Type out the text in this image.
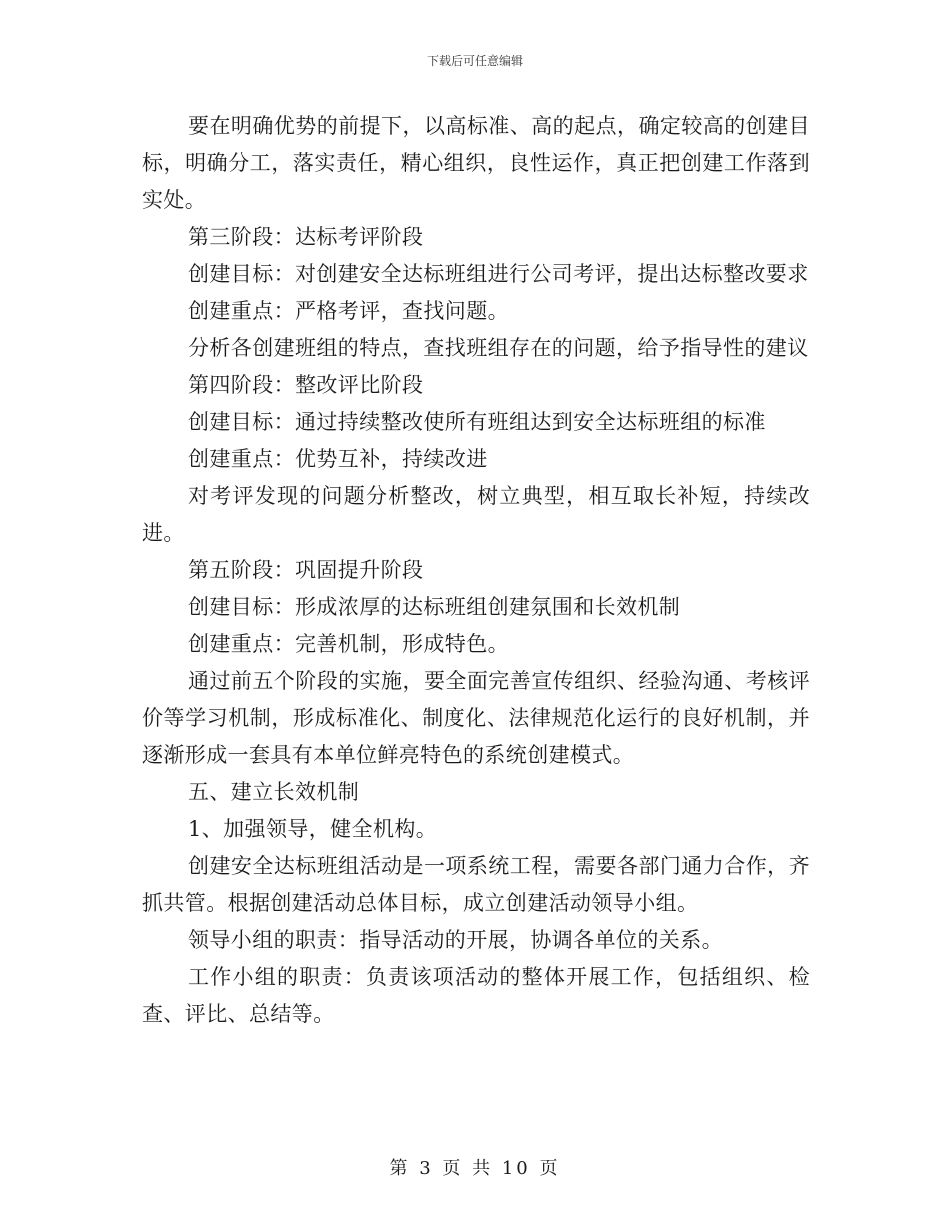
下载后可任意编辑

要在明确优势的前提下，以高标准、高的起点，确定较高的创建目标，明确分工，落实责任，精心组织，良性运作，真正把创建工作落到实处。

第三阶段：达标考评阶段

创建目标：对创建安全达标班组进行公司考评，提出达标整改要求

创建重点：严格考评，查找问题。

分析各创建班组的特点，查找班组存在的问题，给予指导性的建议

第四阶段：整改评比阶段

创建目标：通过持续整改使所有班组达到安全达标班组的标准

创建重点：优势互补，持续改进

对考评发现的问题分析整改，树立典型，相互取长补短，持续改进。

第五阶段：巩固提升阶段

创建目标：形成浓厚的达标班组创建氛围和长效机制

创建重点：完善机制，形成特色。

通过前五个阶段的实施，要全面完善宣传组织、经验沟通、考核评价等学习机制，形成标准化、制度化、法律规范化运行的良好机制，并逐渐形成一套具有本单位鲜亮特色的系统创建模式。

五、建立长效机制

1、加强领导，健全机构。

创建安全达标班组活动是一项系统工程，需要各部门通力合作，齐抓共管。根据创建活动总体目标，成立创建活动领导小组。

领导小组的职责：指导活动的开展，协调各单位的关系。

工作小组的职责：负责该项活动的整体开展工作，包括组织、检查、评比、总结等。

第 3 页 共 10 页
